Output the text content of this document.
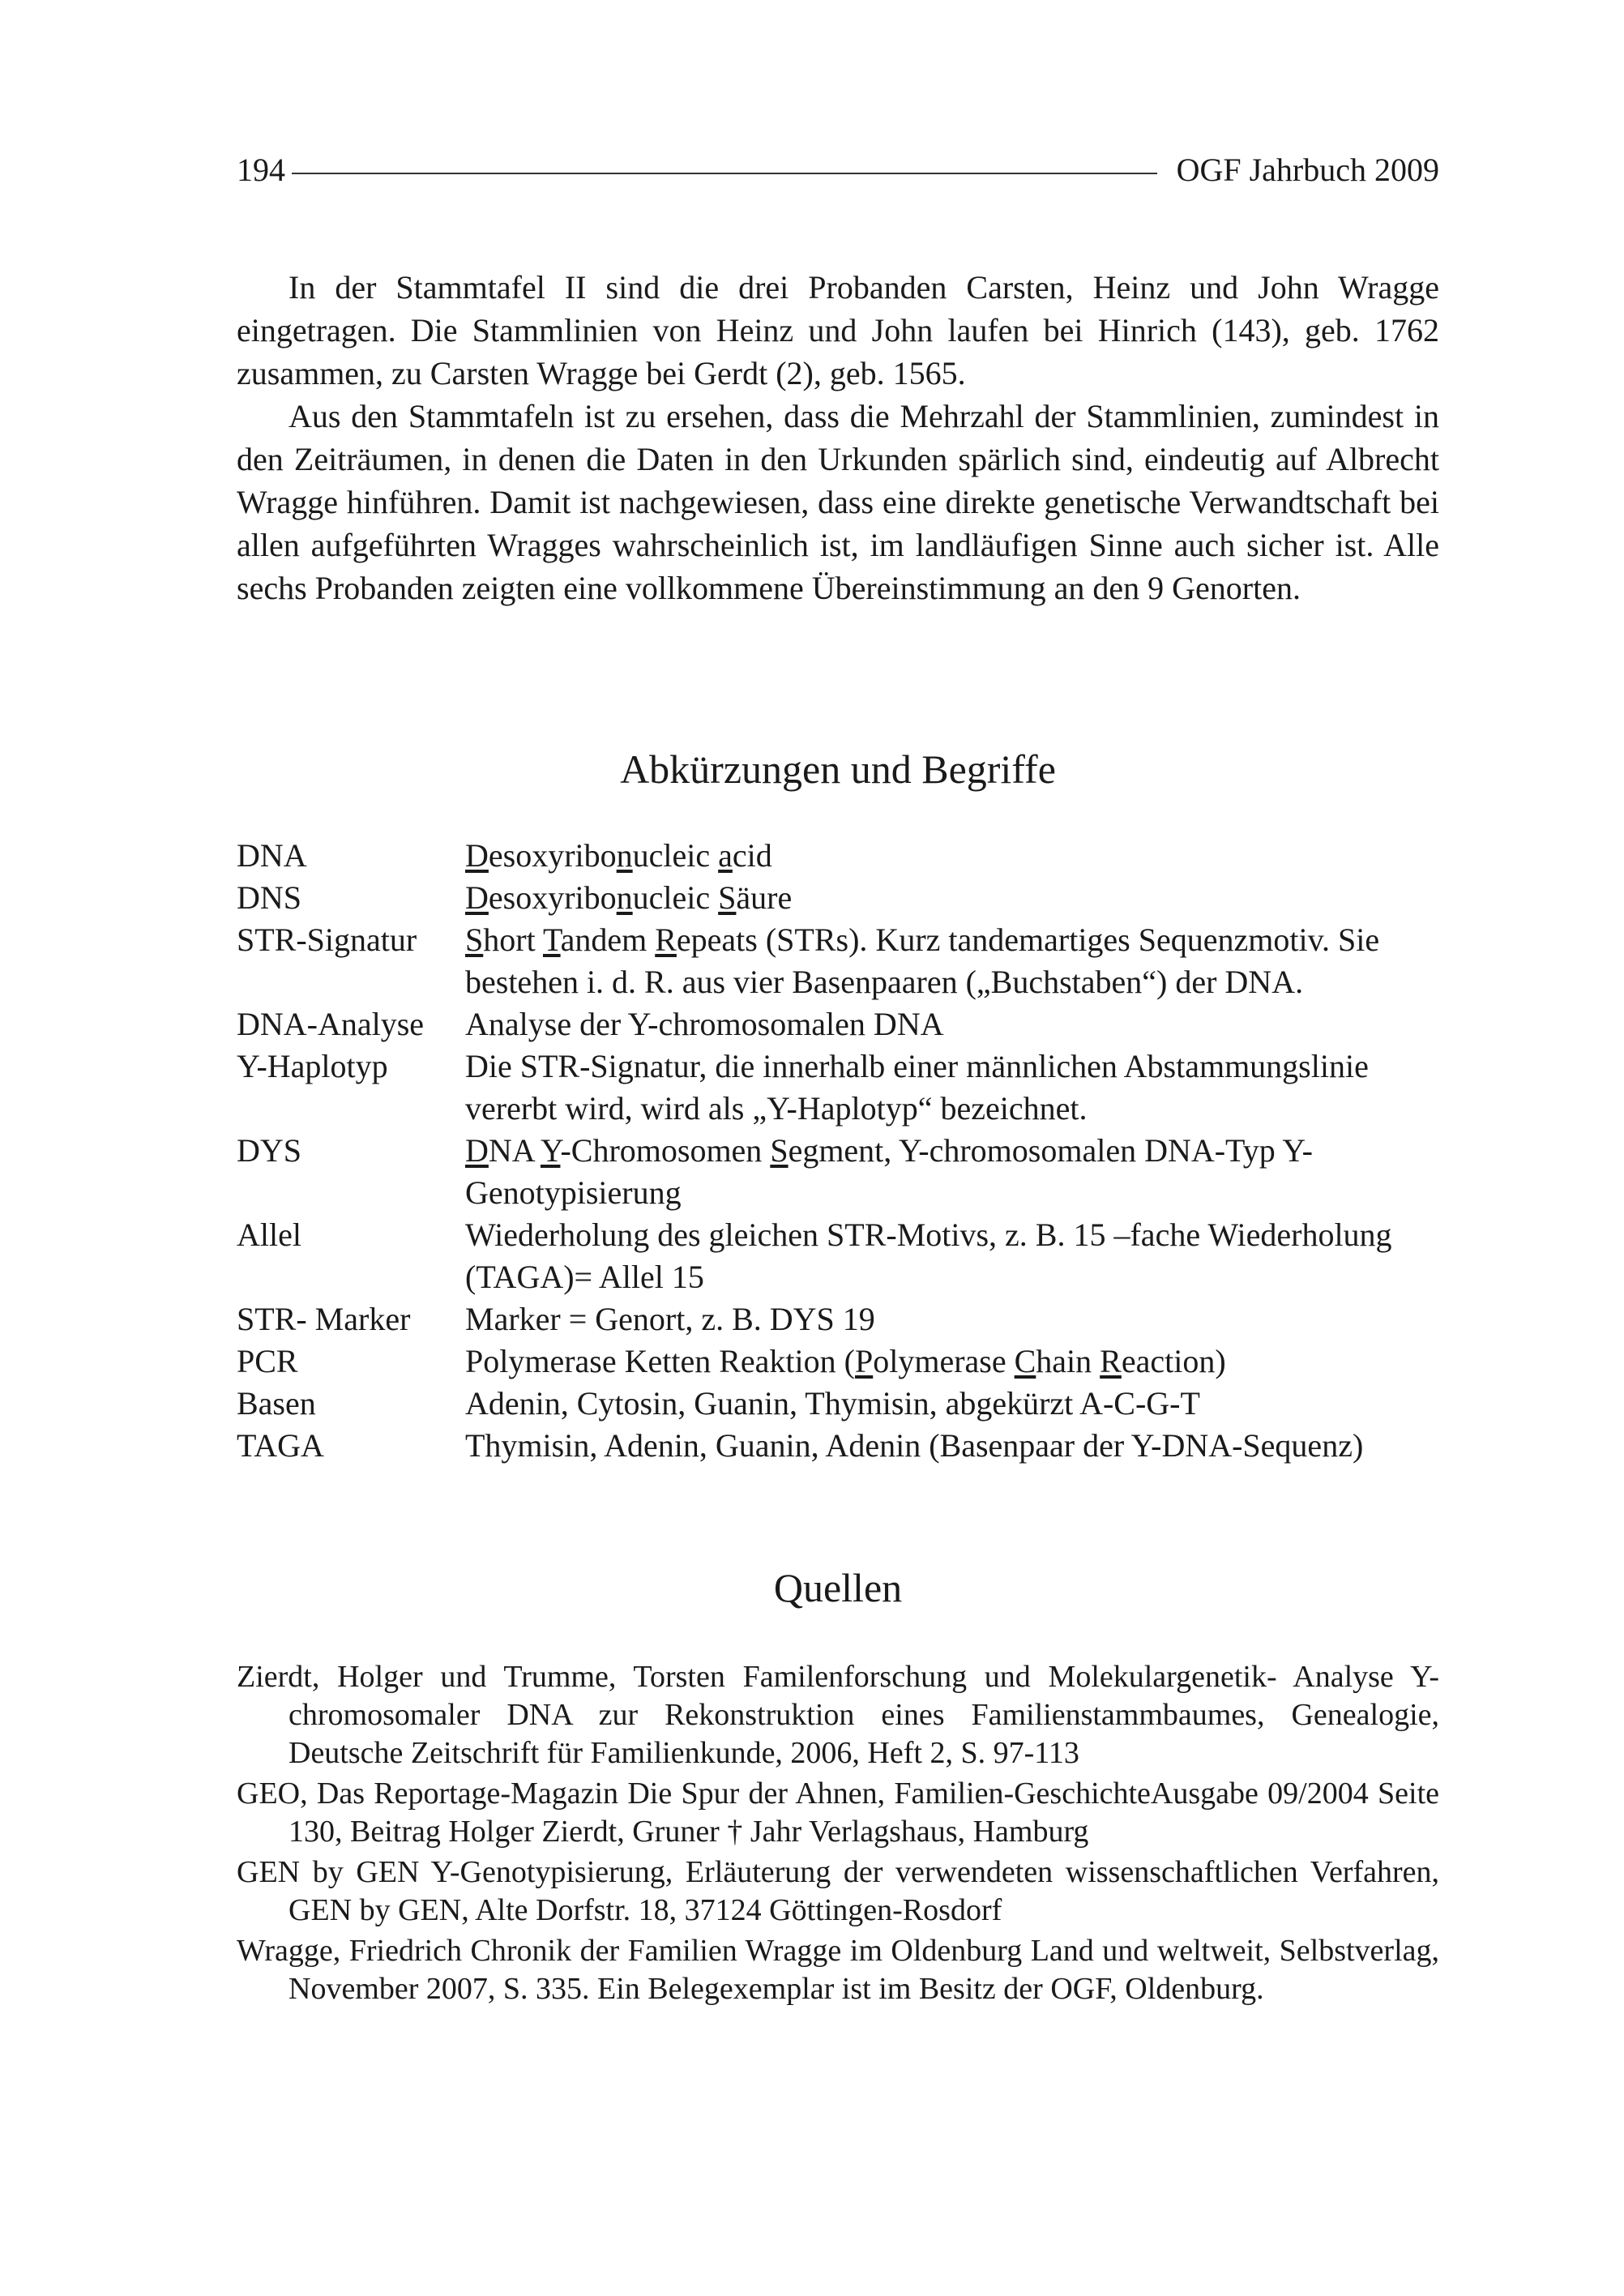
194	OGF Jahrbuch 2009

In der Stammtafel II sind die drei Probanden Carsten, Heinz und John Wragge eingetragen. Die Stammlinien von Heinz und John laufen bei Hinrich (143), geb. 1762 zusammen, zu Carsten Wragge bei Gerdt (2), geb. 1565.

Aus den Stammtafeln ist zu ersehen, dass die Mehrzahl der Stammlinien, zumindest in den Zeiträumen, in denen die Daten in den Urkunden spärlich sind, eindeutig auf Albrecht Wragge hinführen. Damit ist nachgewiesen, dass eine direkte genetische Verwandtschaft bei allen aufgeführten Wragges wahrscheinlich ist, im landläufigen Sinne auch sicher ist. Alle sechs Probanden zeigten eine vollkommene Übereinstimmung an den 9 Genorten.

Abkürzungen und Begriffe
DNA	Desoxyribonucleic acid
DNS	Desoxyribonucleic Säure
STR-Signatur	Short Tandem Repeats (STRs). Kurz tandemartiges Sequenzmotiv. Sie bestehen i. d. R. aus vier Basenpaaren („Buchstaben“) der DNA.
DNA-Analyse	Analyse der Y-chromosomalen DNA
Y-Haplotyp	Die STR-Signatur, die innerhalb einer männlichen Abstammungslinie vererbt wird, wird als „Y-Haplotyp“ bezeichnet.
DYS	DNA Y-Chromosomen Segment, Y-chromosomalen DNA-Typ Y-Genotypisierung
Allel	Wiederholung des gleichen STR-Motivs, z. B. 15 –fache Wiederholung (TAGA)= Allel 15
STR- Marker	Marker = Genort, z. B. DYS 19
PCR	Polymerase Ketten Reaktion (Polymerase Chain Reaction)
Basen	Adenin, Cytosin, Guanin, Thymisin, abgekürzt A-C-G-T
TAGA	Thymisin, Adenin, Guanin, Adenin (Basenpaar der Y-DNA-Sequenz)
Quellen

Zierdt, Holger und Trumme, Torsten Familenforschung und Molekulargenetik- Analyse Y-chromosomaler DNA zur Rekonstruktion eines Familienstammbaumes, Genealogie, Deutsche Zeitschrift für Familienkunde, 2006, Heft 2, S. 97-113

GEO, Das Reportage-Magazin Die Spur der Ahnen, Familien-GeschichteAusgabe 09/2004 Seite 130, Beitrag Holger Zierdt, Gruner † Jahr Verlagshaus, Hamburg

GEN by GEN Y-Genotypisierung, Erläuterung der verwendeten wissenschaftlichen Verfahren, GEN by GEN, Alte Dorfstr. 18, 37124 Göttingen-Rosdorf

Wragge, Friedrich Chronik der Familien Wragge im Oldenburg Land und weltweit, Selbstverlag, November 2007, S. 335. Ein Belegexemplar ist im Besitz der OGF, Oldenburg.
